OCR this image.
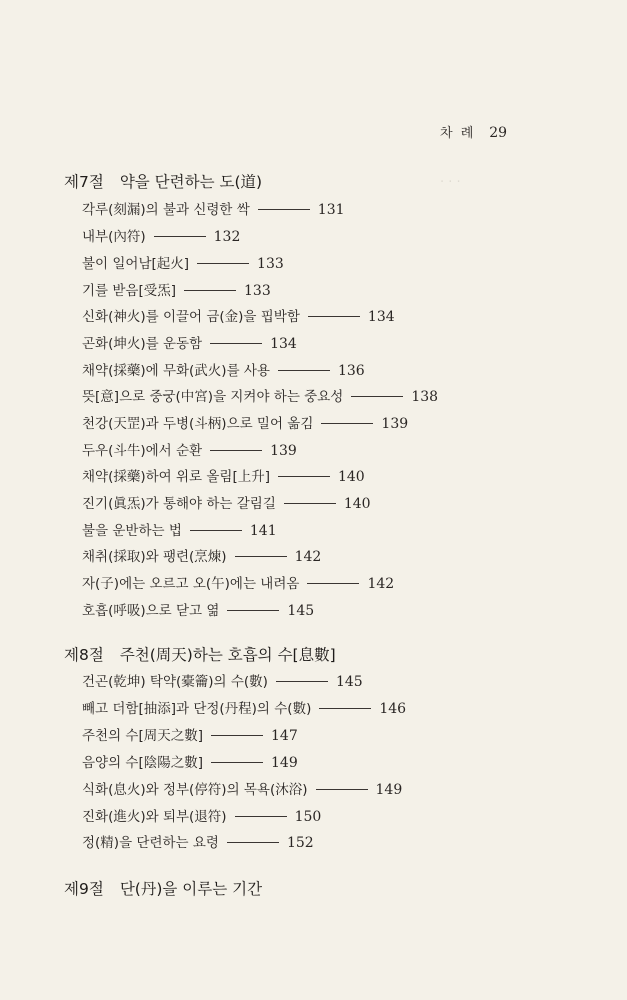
· · ·
차 례 29
제7절 약을 단련하는 도(道)
각루(刻漏)의 불과 신령한 싹	131
내부(內符)	132
불이 일어남[起火]	133
기를 받음[受炁]	133
신화(神火)를 이끌어 금(金)을 핍박함	134
곤화(坤火)를 운동함	134
채약(採藥)에 무화(武火)를 사용	136
뜻[意]으로 중궁(中宮)을 지켜야 하는 중요성	138
천강(天罡)과 두병(斗柄)으로 밀어 옮김	139
두우(斗牛)에서 순환	139
채약(採藥)하여 위로 올림[上升]	140
진기(眞炁)가 통해야 하는 갈림길	140
불을 운반하는 법	141
채취(採取)와 팽련(烹煉)	142
자(子)에는 오르고 오(午)에는 내려옴	142
호흡(呼吸)으로 닫고 엶	145
제8절 주천(周天)하는 호흡의 수[息數]
건곤(乾坤) 탁약(橐籥)의 수(數)	145
빼고 더함[抽添]과 단정(丹程)의 수(數)	146
주천의 수[周天之數]	147
음양의 수[陰陽之數]	149
식화(息火)와 정부(停符)의 목욕(沐浴)	149
진화(進火)와 퇴부(退符)	150
정(精)을 단련하는 요령	152
제9절 단(丹)을 이루는 기간
